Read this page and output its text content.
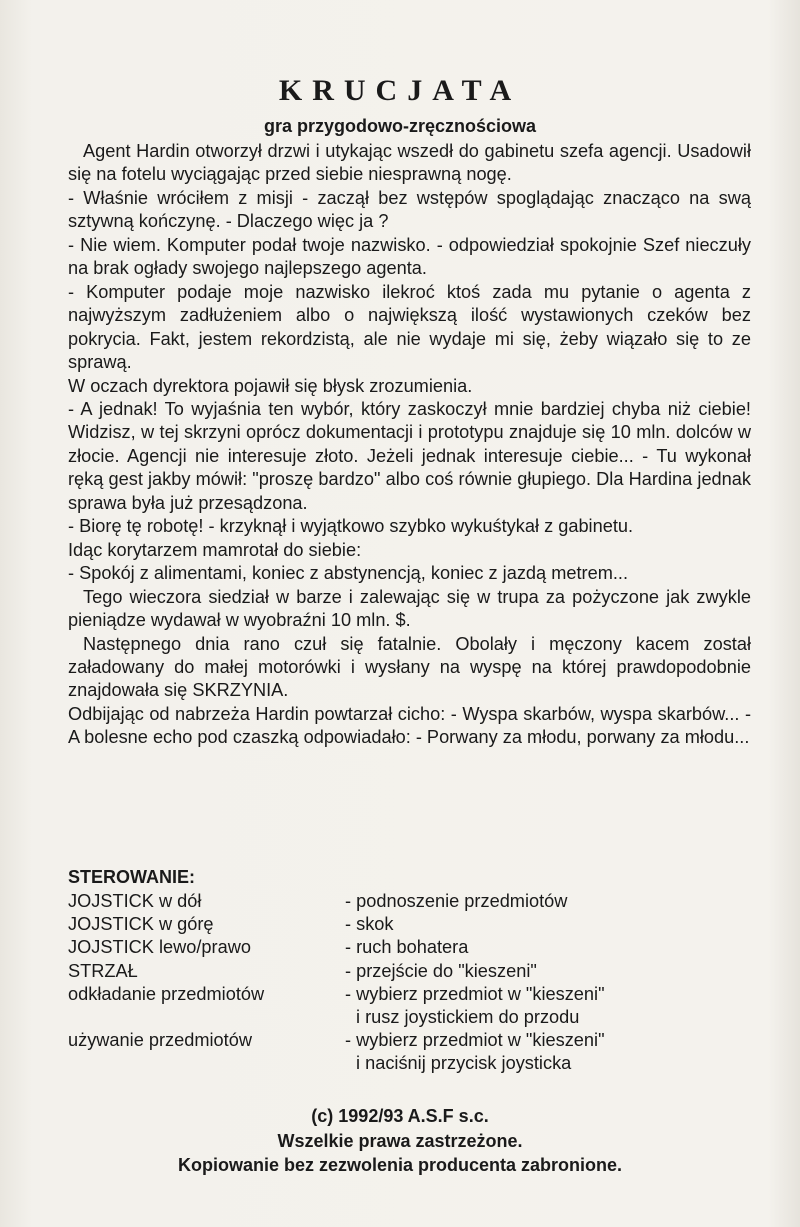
KRUCJATA
gra przygodowo-zręcznościowa

Agent Hardin otworzył drzwi i utykając wszedł do gabinetu szefa agencji. Usadowił się na fotelu wyciągając przed siebie niesprawną nogę.

- Właśnie wróciłem z misji - zaczął bez wstępów spoglądając znacząco na swą sztywną kończynę. - Dlaczego więc ja ?

- Nie wiem. Komputer podał twoje nazwisko. - odpowiedział spokojnie Szef nieczuły na brak ogłady swojego najlepszego agenta.

- Komputer podaje moje nazwisko ilekroć ktoś zada mu pytanie o agenta z najwyższym zadłużeniem albo o największą ilość wystawionych czeków bez pokrycia. Fakt, jestem rekordzistą, ale nie wydaje mi się, żeby wiązało się to ze sprawą.

W oczach dyrektora pojawił się błysk zrozumienia.

- A jednak! To wyjaśnia ten wybór, który zaskoczył mnie bardziej chyba niż ciebie! Widzisz, w tej skrzyni oprócz dokumentacji i prototypu znajduje się 10 mln. dolców w złocie. Agencji nie interesuje złoto. Jeżeli jednak interesuje ciebie... - Tu wykonał ręką gest jakby mówił: "proszę bardzo" albo coś równie głupiego. Dla Hardina jednak sprawa była już przesądzona.

- Biorę tę robotę! - krzyknął i wyjątkowo szybko wykuśtykał z gabinetu.

Idąc korytarzem mamrotał do siebie:

- Spokój z alimentami, koniec z abstynencją, koniec z jazdą metrem...

Tego wieczora siedział w barze i zalewając się w trupa za pożyczone jak zwykle pieniądze wydawał w wyobraźni 10 mln. $.

Następnego dnia rano czuł się fatalnie. Obolały i męczony kacem został załadowany do małej motorówki i wysłany na wyspę na której prawdopodobnie znajdowała się SKRZYNIA.

Odbijając od nabrzeża Hardin powtarzał cicho: - Wyspa skarbów, wyspa skarbów... - A bolesne echo pod czaszką odpowiadało: - Porwany za młodu, porwany za młodu...

STEROWANIE:
JOJSTICK w dół	- podnoszenie przedmiotów
JOJSTICK w górę	- skok
JOJSTICK lewo/prawo	- ruch bohatera
STRZAŁ	- przejście do "kieszeni"
odkładanie przedmiotów	- wybierz przedmiot w "kieszeni"
i rusz joystickiem do przodu
używanie przedmiotów	- wybierz przedmiot w "kieszeni"
i naciśnij przycisk joysticka
(c) 1992/93 A.S.F s.c.
Wszelkie prawa zastrzeżone.
Kopiowanie bez zezwolenia producenta zabronione.
